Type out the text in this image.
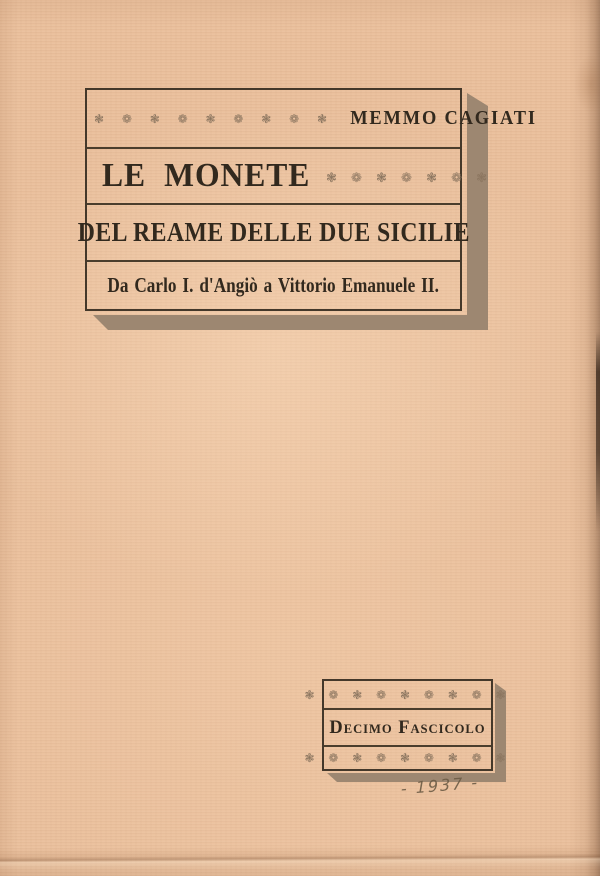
❃ ❁ ❃ ❁ ❃ ❁ ❃ ❁ ❃ MEMMO CAGIATI
LE MONETE ❃ ❁ ❃ ❁ ❃ ❁ ❃
DEL REAME DELLE DUE SICILIE
Da Carlo I. d'Angiò a Vittorio Emanuele II.
❃ ❁ ❃ ❁ ❃ ❁ ❃ ❁ ❃
Decimo Fascicolo
❃ ❁ ❃ ❁ ❃ ❁ ❃ ❁ ❃
- 1937 -
